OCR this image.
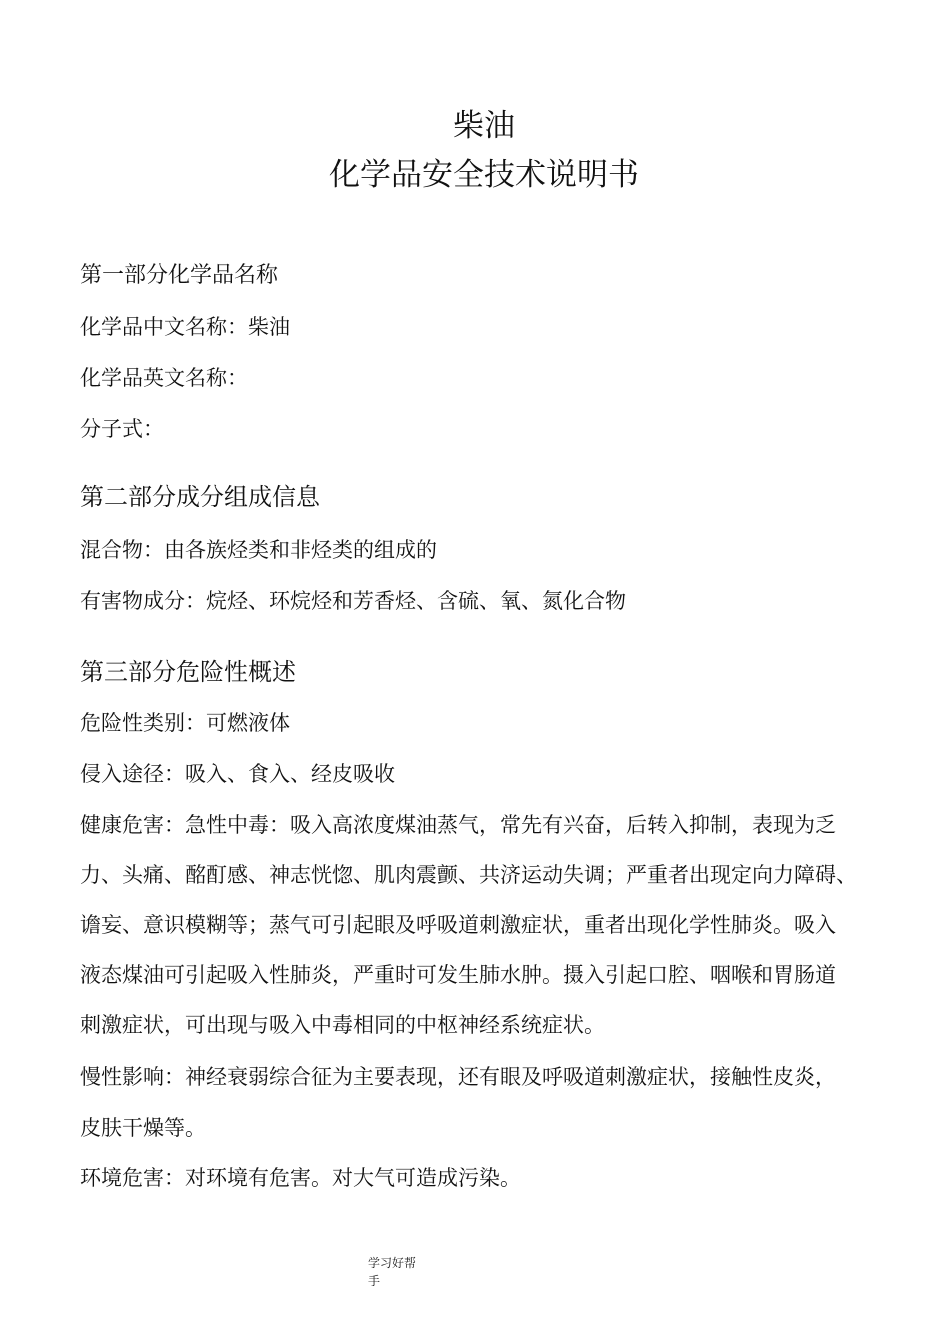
柴油
化学品安全技术说明书
第一部分化学品名称

化学品中文名称：柴油

化学品英文名称：

分子式：

第二部分成分组成信息

混合物：由各族烃类和非烃类的组成的

有害物成分：烷烃、环烷烃和芳香烃、含硫、氧、氮化合物

第三部分危险性概述

危险性类别：可燃液体

侵入途径：吸入、食入、经皮吸收

健康危害：急性中毒：吸入高浓度煤油蒸气，常先有兴奋，后转入抑制，表现为乏

力、头痛、酩酊感、神志恍惚、肌肉震颤、共济运动失调；严重者出现定向力障碍、

谵妄、意识模糊等；蒸气可引起眼及呼吸道刺激症状，重者出现化学性肺炎。吸入

液态煤油可引起吸入性肺炎，严重时可发生肺水肿。摄入引起口腔、咽喉和胃肠道

刺激症状，可出现与吸入中毒相同的中枢神经系统症状。

慢性影响：神经衰弱综合征为主要表现，还有眼及呼吸道刺激症状，接触性皮炎，

皮肤干燥等。

环境危害：对环境有危害。对大气可造成污染。

学习好帮
手
